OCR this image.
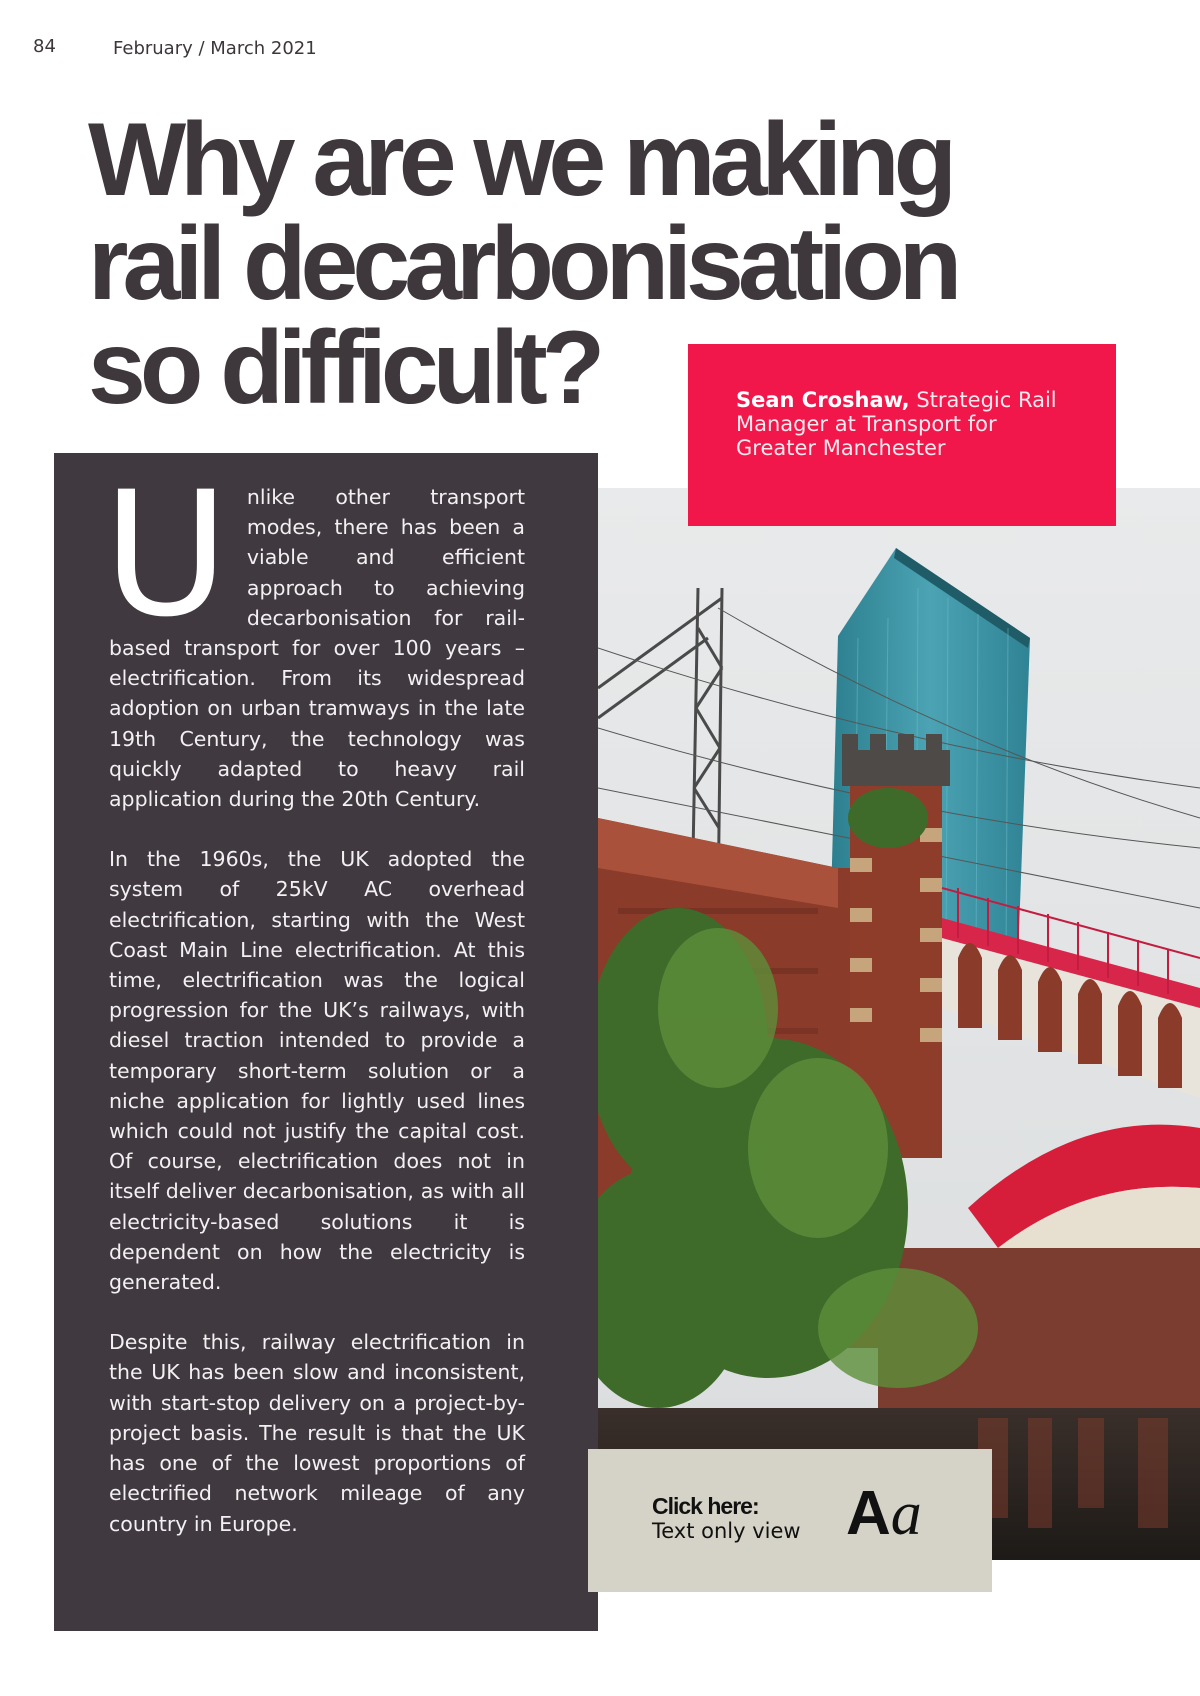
84	February / March 2021
Why are we making
rail decarbonisation
so difficult?	Sean Croshaw, Strategic Rail Manager at Transport for Greater Manchester

U nlike other transport modes, there has been a viable and efficient approach to achieving decarbonisation for rail-based transport for over 100 years – electrification. From its widespread adoption on urban tramways in the late 19th Century, the technology was quickly adapted to heavy rail application during the 20th Century.

In the 1960s, the UK adopted the system of 25kV AC overhead electrification, starting with the West Coast Main Line electrification. At this time, electrification was the logical progression for the UK’s railways, with diesel traction intended to provide a temporary short-term solution or a niche application for lightly used lines which could not justify the capital cost. Of course, electrification does not in itself deliver decarbonisation, as with all electricity-based solutions it is dependent on how the electricity is generated.

Despite this, railway electrification in the UK has been slow and inconsistent, with start-stop delivery on a project-by-project basis. The result is that the UK has one of the lowest proportions of electrified network mileage of any country in Europe.

Click here:
Text only view Aa
